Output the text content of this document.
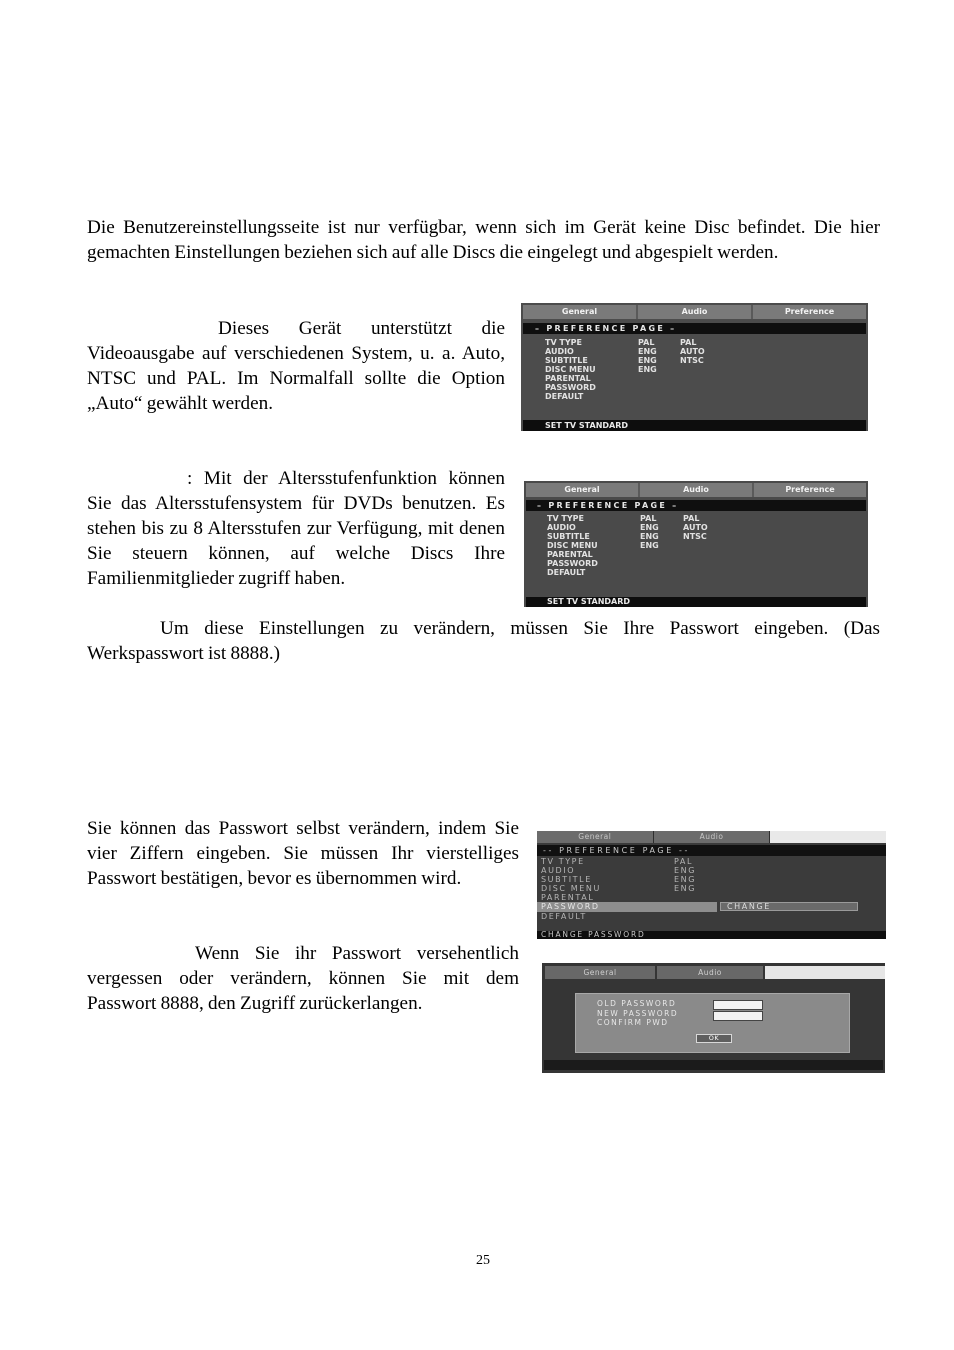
Die Benutzereinstellungsseite ist nur verfügbar, wenn sich im Gerät keine Disc befindet. Die hier
gemachten Einstellungen beziehen sich auf alle Discs die eingelegt und abgespielt werden.
Dieses Gerät unterstützt die
Videoausgabe auf verschiedenen System, u. a. Auto,
NTSC und PAL. Im Normalfall sollte die Option
„Auto“ gewählt werden.
General	Audio	Preference
– PREFERENCE PAGE –
TV TYPE	PAL	PAL
AUDIO	ENG	AUTO
SUBTITLE	ENG	NTSC
DISC MENU	ENG
PARENTAL
PASSWORD
DEFAULT
SET TV STANDARD
: Mit der Altersstufenfunktion können
Sie das Altersstufensystem für DVDs benutzen. Es
stehen bis zu 8 Altersstufen zur Verfügung, mit denen
Sie steuern können, auf welche Discs Ihre
Familienmitglieder zugriff haben.
General	Audio	Preference
– PREFERENCE PAGE –
TV TYPE	PAL	PAL
AUDIO	ENG	AUTO
SUBTITLE	ENG	NTSC
DISC MENU	ENG
PARENTAL
PASSWORD
DEFAULT
SET TV STANDARD
Um diese Einstellungen zu verändern, müssen Sie Ihre Passwort eingeben. (Das
Werkspasswort ist 8888.)
Sie können das Passwort selbst verändern, indem Sie
vier Ziffern eingeben. Sie müssen Ihr vierstelliges
Passwort bestätigen, bevor es übernommen wird.
General	Audio
-- PREFERENCE PAGE --
TV TYPE	PAL
AUDIO	ENG
SUBTITLE	ENG
DISC MENU	ENG
PARENTAL
PASSWORD	CHANGE
DEFAULT
CHANGE PASSWORD
Wenn Sie ihr Passwort versehentlich
vergessen oder verändern, können Sie mit dem
Passwort 8888, den Zugriff zurückerlangen.
General	Audio
OLD PASSWORD
NEW PASSWORD
CONFIRM PWD
OK
25
